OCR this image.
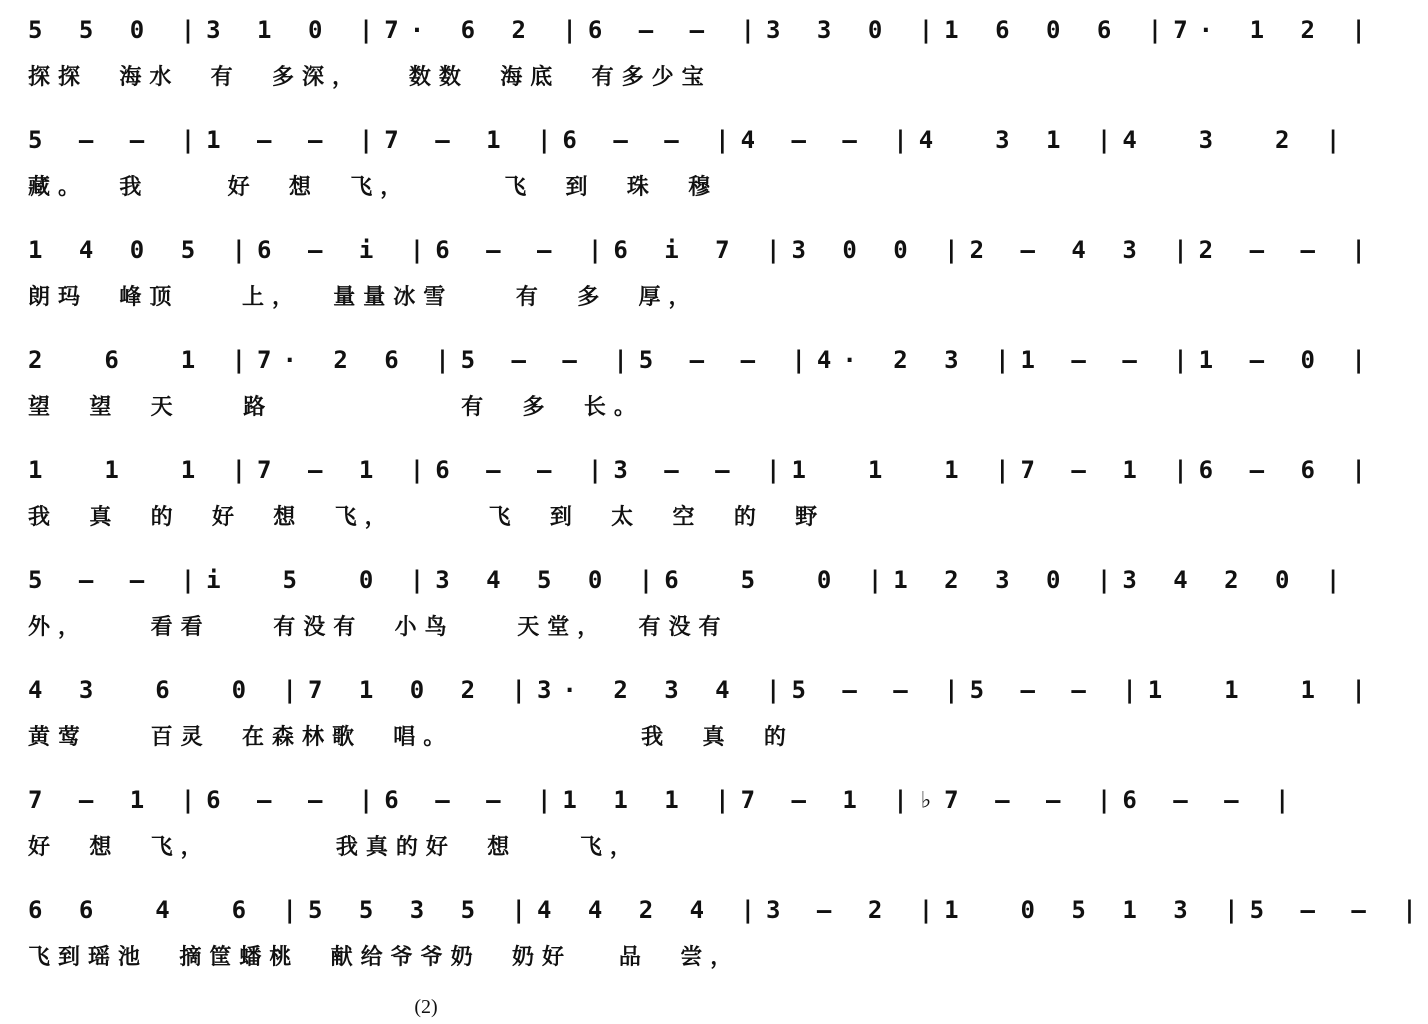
5 5 0 |3 1 0 |7· 6 2 |6 — — |3 3 0 |1 6 0 6 |7· 1 2 |
探探  海水  有  多深，   数数  海底  有多少宝
5 — — |1 — — |7 — 1 |6 — — |4 — — |4  3 1 |4  3  2 |
藏。  我     好  想  飞，      飞  到  珠  穆
1 4 0 5 |6 — i |6 — — |6 i 7 |3 0 0 |2 — 4 3 |2 — — |
朗玛  峰顶    上，  量量冰雪    有  多  厚，
2  6  1 |7· 2 6 |5 — — |5 — — |4· 2 3 |1 — — |1 — 0 |
望  望  天    路            有  多  长。
1  1  1 |7 — 1 |6 — — |3 — — |1  1  1 |7 — 1 |6 — 6 |
我  真  的  好  想  飞，      飞  到  太  空  的  野
5 — — |i  5  0 |3 4 5 0 |6  5  0 |1 2 3 0 |3 4 2 0 |
外，    看看    有没有  小鸟    天堂，  有没有
4 3  6  0 |7 1 0 2 |3· 2 3 4 |5 — — |5 — — |1  1  1 |
黄莺    百灵  在森林歌  唱。            我  真  的
7 — 1 |6 — — |6 — — |1 1 1 |7 — 1 |♭7 — — |6 — — |
好  想  飞，        我真的好  想    飞，
6 6  4  6 |5 5 3 5 |4 4 2 4 |3 — 2 |1  0 5 1 3 |5 — — |
飞到瑶池  摘筐蟠桃  献给爷爷奶  奶好   品  尝，
(2)
